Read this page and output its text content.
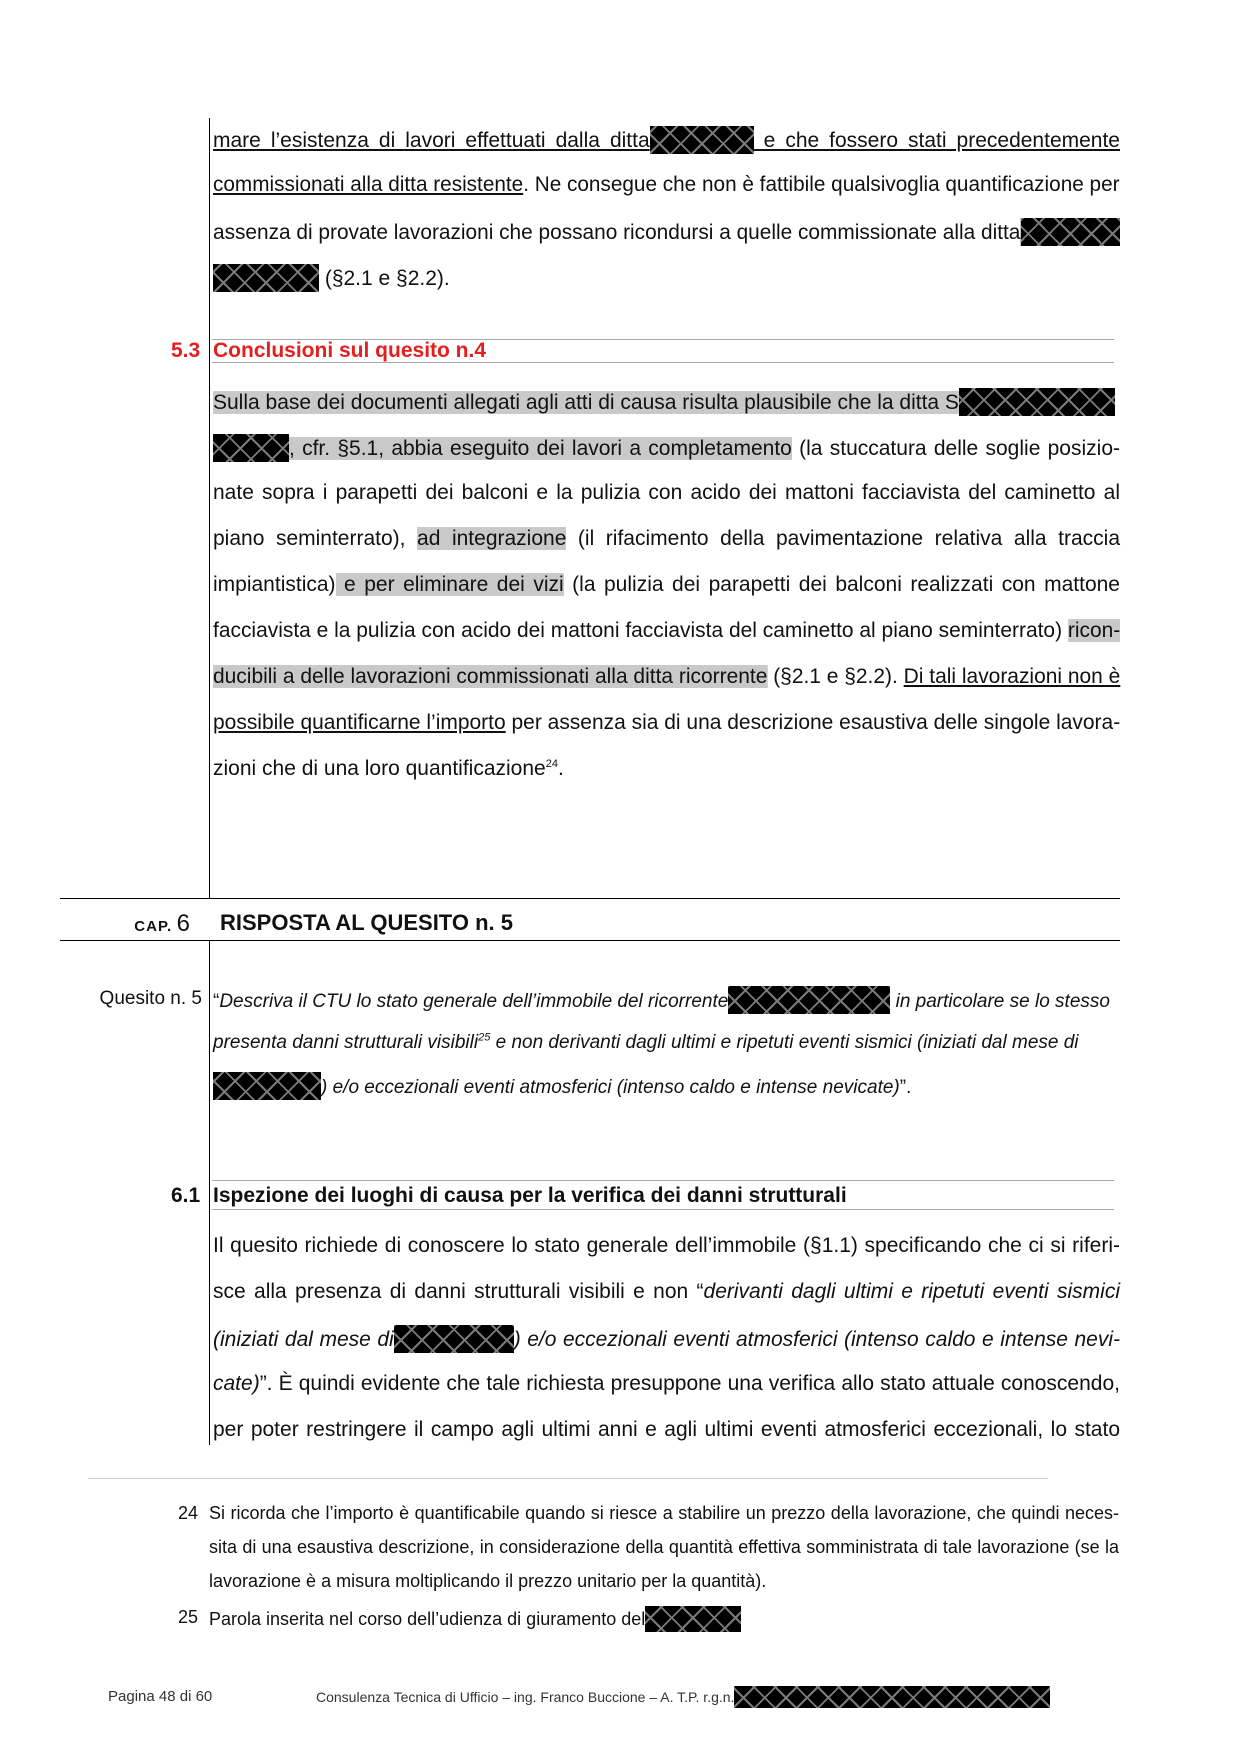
mare l’esistenza di lavori effettuati dalla ditta	e che fossero stati precedentemente
commissionati alla ditta resistente. Ne consegue che non è fattibile qualsivoglia quantificazione per
assenza di provate lavorazioni che possano ricondursi a quelle commissionate alla ditta
(§2.1 e §2.2).
5.3 Conclusioni sul quesito n.4
Sulla base dei documenti allegati agli atti di causa risulta plausibile che la ditta S
, cfr. §5.1, abbia eseguito dei lavori a completamento (la stuccatura delle soglie posizio-
nate sopra i parapetti dei balconi e la pulizia con acido dei mattoni facciavista del caminetto al
piano seminterrato), ad integrazione (il rifacimento della pavimentazione relativa alla traccia
impiantistica) e per eliminare dei vizi (la pulizia dei parapetti dei balconi realizzati con mattone
facciavista e la pulizia con acido dei mattoni facciavista del caminetto al piano seminterrato) ricon-
ducibili a delle lavorazioni commissionati alla ditta ricorrente (§2.1 e §2.2). Di tali lavorazioni non è
possibile quantificarne l’importo per assenza sia di una descrizione esaustiva delle singole lavora-
zioni che di una loro quantificazione$^{24}$.
CAP. 6 RISPOSTA AL QUESITO n. 5
Quesito n. 5 “Descriva il CTU lo stato generale dell’immobile del ricorrente	in particolare se lo stesso
presenta danni strutturali visibili$^{25}$ e non derivanti dagli ultimi e ripetuti eventi sismici (iniziati dal mese di
) e/o eccezionali eventi atmosferici (intenso caldo e intense nevicate)”.
6.1 Ispezione dei luoghi di causa per la verifica dei danni strutturali
Il quesito richiede di conoscere lo stato generale dell’immobile (§1.1) specificando che ci si riferi-
sce alla presenza di danni strutturali visibili e non “derivanti dagli ultimi e ripetuti eventi sismici
(iniziati dal mese di	) e/o eccezionali eventi atmosferici (intenso caldo e intense nevi-
cate)”. È quindi evidente che tale richiesta presuppone una verifica allo stato attuale conoscendo,
per poter restringere il campo agli ultimi anni e agli ultimi eventi atmosferici eccezionali, lo stato
24 Si ricorda che l’importo è quantificabile quando si riesce a stabilire un prezzo della lavorazione, che quindi neces-
sita di una esaustiva descrizione, in considerazione della quantità effettiva somministrata di tale lavorazione (se la
lavorazione è a misura moltiplicando il prezzo unitario per la quantità).
25 Parola inserita nel corso dell’udienza di giuramento del
Pagina 48 di 60	Consulenza Tecnica di Ufficio – ing. Franco Buccione – A. T.P. r.g.n.
